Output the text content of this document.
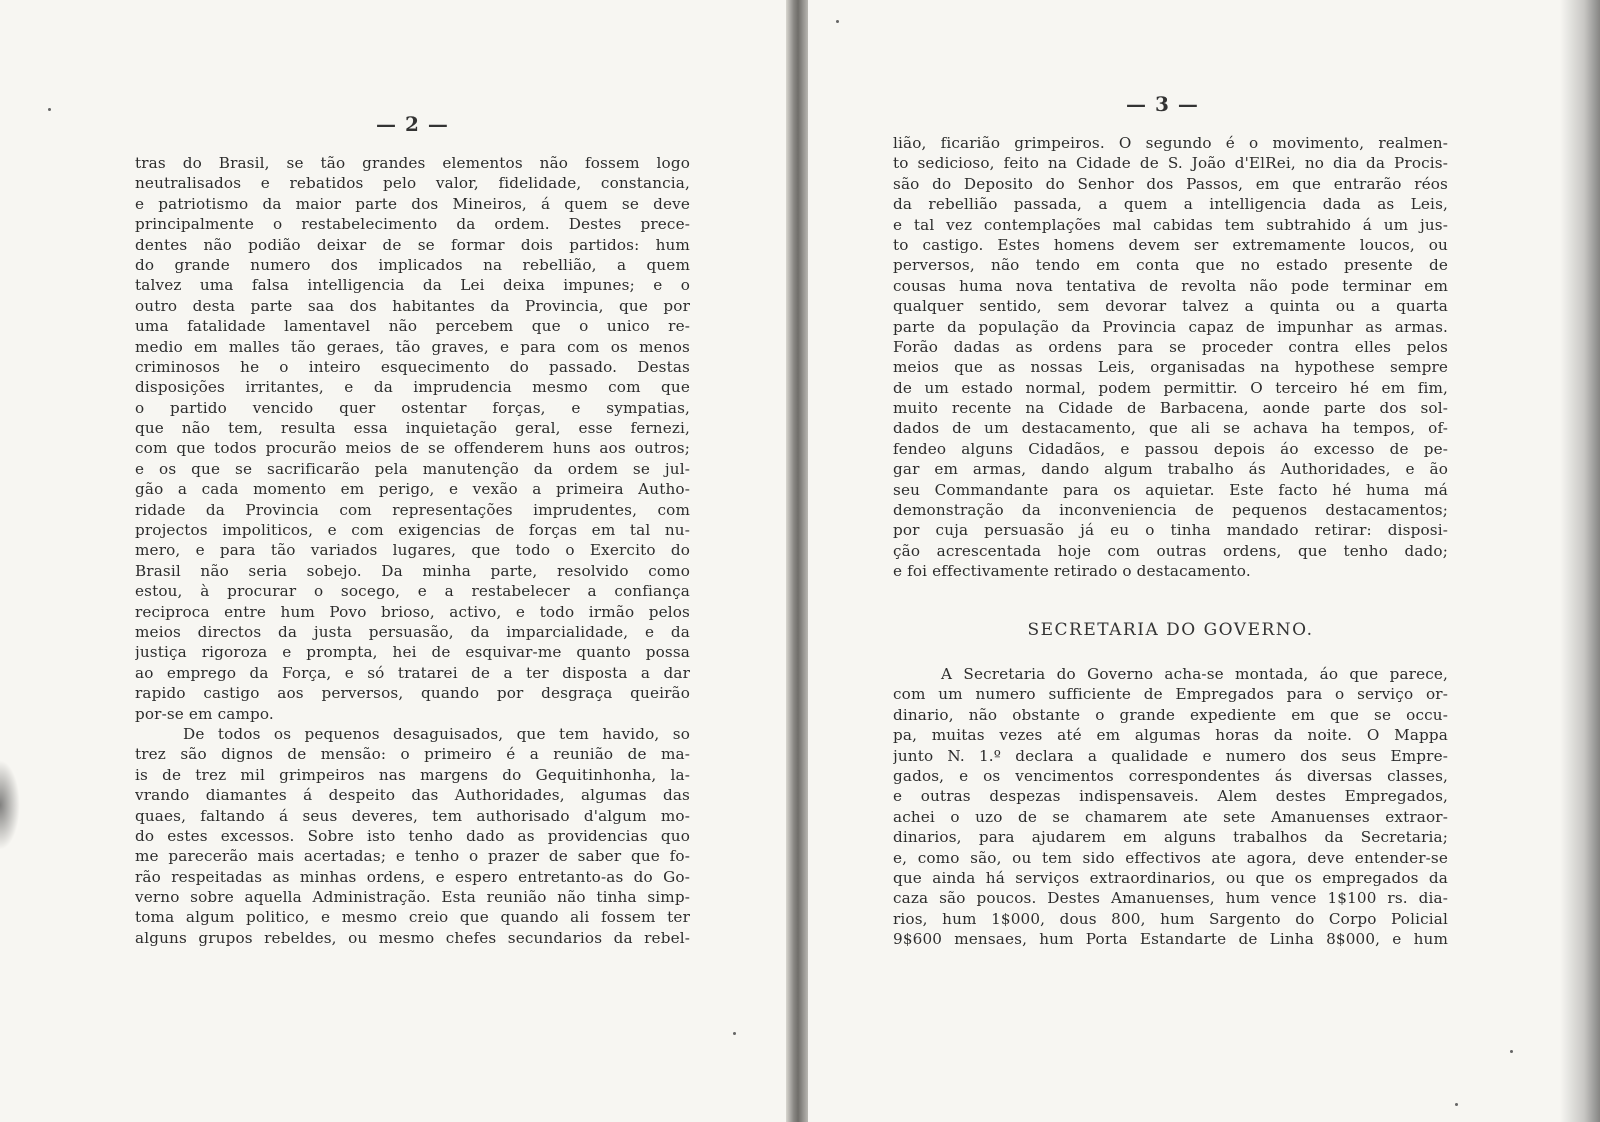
— 2 —
— 3 —
tras do Brasil, se tão grandes elementos não fossem logo
neutralisados e rebatidos pelo valor, fidelidade, constancia,
e patriotismo da maior parte dos Mineiros, á quem se deve
principalmente o restabelecimento da ordem. Destes prece-
dentes não podião deixar de se formar dois partidos: hum
do grande numero dos implicados na rebellião, a quem
talvez uma falsa intelligencia da Lei deixa impunes; e o
outro desta parte saa dos habitantes da Provincia, que por
uma fatalidade lamentavel não percebem que o unico re-
medio em malles tão geraes, tão graves, e para com os menos
criminosos he o inteiro esquecimento do passado. Destas
disposições irritantes, e da imprudencia mesmo com que
o partido vencido quer ostentar forças, e sympatias,
que não tem, resulta essa inquietação geral, esse fernezi,
com que todos procurão meios de se offenderem huns aos outros;
e os que se sacrificarão pela manutenção da ordem se jul-
gão a cada momento em perigo, e vexão a primeira Autho-
ridade da Provincia com representações imprudentes, com
projectos impoliticos, e com exigencias de forças em tal nu-
mero, e para tão variados lugares, que todo o Exercito do
Brasil não seria sobejo. Da minha parte, resolvido como
estou, à procurar o socego, e a restabelecer a confiança
reciproca entre hum Povo brioso, activo, e todo irmão pelos
meios directos da justa persuasão, da imparcialidade, e da
justiça rigoroza e prompta, hei de esquivar-me quanto possa
ao emprego da Força, e só tratarei de a ter disposta a dar
rapido castigo aos perversos, quando por desgraça queirão
por-se em campo.
De todos os pequenos desaguisados, que tem havido, so
trez são dignos de mensão: o primeiro é a reunião de ma-
is de trez mil grimpeiros nas margens do Gequitinhonha, la-
vrando diamantes á despeito das Authoridades, algumas das
quaes, faltando á seus deveres, tem authorisado d'algum mo-
do estes excessos. Sobre isto tenho dado as providencias quo
me parecerão mais acertadas; e tenho o prazer de saber que fo-
rão respeitadas as minhas ordens, e espero entretanto-as do Go-
verno sobre aquella Administração. Esta reunião não tinha simp-
toma algum politico, e mesmo creio que quando ali fossem ter
alguns grupos rebeldes, ou mesmo chefes secundarios da rebel-
lião, ficarião grimpeiros. O segundo é o movimento, realmen-
to sedicioso, feito na Cidade de S. João d'ElRei, no dia da Procis-
são do Deposito do Senhor dos Passos, em que entrarão réos
da rebellião passada, a quem a intelligencia dada as Leis,
e tal vez contemplações mal cabidas tem subtrahido á um jus-
to castigo. Estes homens devem ser extremamente loucos, ou
perversos, não tendo em conta que no estado presente de
cousas huma nova tentativa de revolta não pode terminar em
qualquer sentido, sem devorar talvez a quinta ou a quarta
parte da população da Provincia capaz de impunhar as armas.
Forão dadas as ordens para se proceder contra elles pelos
meios que as nossas Leis, organisadas na hypothese sempre
de um estado normal, podem permittir. O terceiro hé em fim,
muito recente na Cidade de Barbacena, aonde parte dos sol-
dados de um destacamento, que ali se achava ha tempos, of-
fendeo alguns Cidadãos, e passou depois áo excesso de pe-
gar em armas, dando algum trabalho ás Authoridades, e ão
seu Commandante para os aquietar. Este facto hé huma má
demonstração da inconveniencia de pequenos destacamentos;
por cuja persuasão já eu o tinha mandado retirar: disposi-
ção acrescentada hoje com outras ordens, que tenho dado;
e foi effectivamente retirado o destacamento.
SECRETARIA DO GOVERNO.
A Secretaria do Governo acha-se montada, áo que parece,
com um numero sufficiente de Empregados para o serviço or-
dinario, não obstante o grande expediente em que se occu-
pa, muitas vezes até em algumas horas da noite. O Mappa
junto N. 1.º declara a qualidade e numero dos seus Empre-
gados, e os vencimentos correspondentes ás diversas classes,
e outras despezas indispensaveis. Alem destes Empregados,
achei o uzo de se chamarem ate sete Amanuenses extraor-
dinarios, para ajudarem em alguns trabalhos da Secretaria;
e, como são, ou tem sido effectivos ate agora, deve entender-se
que ainda há serviços extraordinarios, ou que os empregados da
caza são poucos. Destes Amanuenses, hum vence 1$100 rs. dia-
rios, hum 1$000, dous 800, hum Sargento do Corpo Policial
9$600 mensaes, hum Porta Estandarte de Linha 8$000, e hum
